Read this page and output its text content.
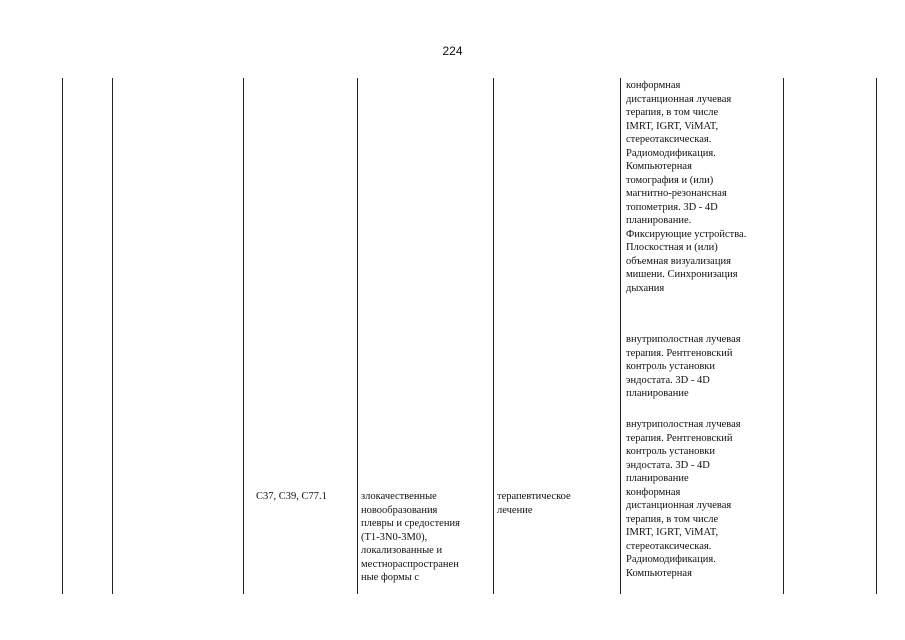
224
C37, C39, C77.1	злокачественные
новообразования
плевры и средостения
(Т1-3N0-3M0),
локализованные и
местнораспространен
ные формы с
терапевтическое
лечение
конформная
дистанционная лучевая
терапия, в том числе
IMRT, IGRT, ViMAT,
стереотаксическая.
Радиомодификация.
Компьютерная
томография и (или)
магнитно-резонансная
топометрия. 3D - 4D
планирование.
Фиксирующие устройства.
Плоскостная и (или)
объемная визуализация
мишени. Синхронизация
дыхания
внутриполостная лучевая
терапия. Рентгеновский
контроль установки
эндостата. 3D - 4D
планирование
внутриполостная лучевая
терапия. Рентгеновский
контроль установки
эндостата. 3D - 4D
планирование
конформная
дистанционная лучевая
терапия, в том числе
IMRT, IGRT, ViMAT,
стереотаксическая.
Радиомодификация.
Компьютерная
